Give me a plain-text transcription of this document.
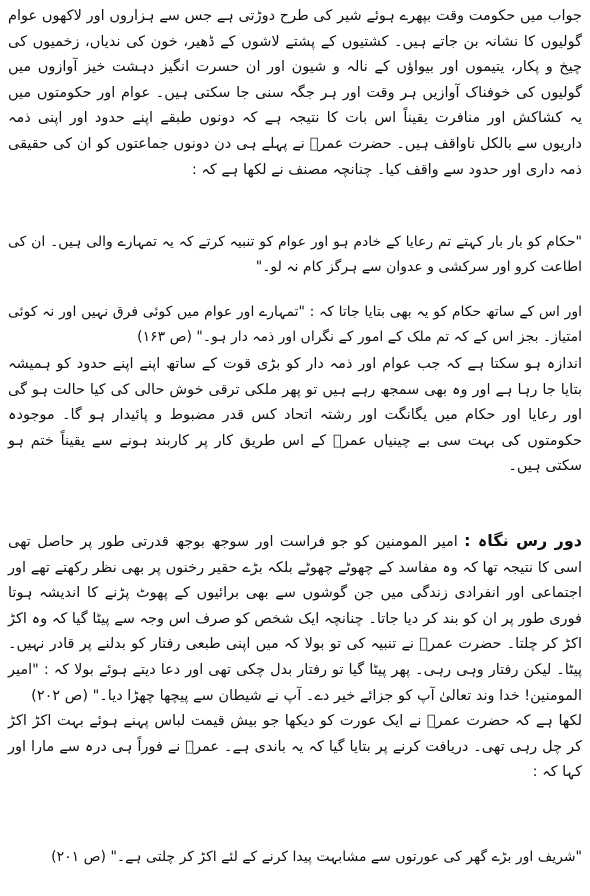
جواب میں حکومت وقت بپھرے ہوئے شیر کی طرح دوڑتی ہے جس سے ہزاروں اور لاکھوں عوام گولیوں کا نشانہ بن جاتے ہیں۔ کشتیوں کے پشتے لاشوں کے ڈھیر، خون کی ندیاں، زخمیوں کی چیخ و پکار، یتیموں اور بیواؤں کے نالہ و شیون اور ان حسرت انگیز دہشت خیز آوازوں میں گولیوں کی خوفناک آوازیں ہر وقت اور ہر جگہ سنی جا سکتی ہیں۔ عوام اور حکومتوں میں یہ کشاکش اور منافرت یقیناً اس بات کا نتیجہ ہے کہ دونوں طبقے اپنے حدود اور اپنی ذمہ داریوں سے بالکل ناواقف ہیں۔ حضرت عمرؓ نے پہلے ہی دن دونوں جماعتوں کو ان کی حقیقی ذمہ داری اور حدود سے واقف کیا۔ چنانچہ مصنف نے لکھا ہے کہ :

"حکام کو بار بار کہتے تم رعایا کے خادم ہو اور عوام کو تنبیہ کرتے کہ یہ تمہارے والی ہیں۔ ان کی اطاعت کرو اور سرکشی و عدوان سے ہرگز کام نہ لو۔"

اور اس کے ساتھ حکام کو یہ بھی بتایا جاتا کہ : "تمہارے اور عوام میں کوئی فرق نہیں اور نہ کوئی امتیاز۔ بجز اس کے کہ تم ملک کے امور کے نگراں اور ذمہ دار ہو۔" (ص ۱۶۳)

اندازہ ہو سکتا ہے کہ جب عوام اور ذمہ دار کو بڑی قوت کے ساتھ اپنے اپنے حدود کو ہمیشہ بتایا جا رہا ہے اور وہ بھی سمجھ رہے ہیں تو پھر ملکی ترقی خوش حالی کی کیا حالت ہو گی اور رعایا اور حکام میں یگانگت اور رشتہ اتحاد کس قدر مضبوط و پائیدار ہو گا۔ موجودہ حکومتوں کی بہت سی بے چینیاں عمرؓ کے اس طریق کار پر کاربند ہونے سے یقیناً ختم ہو سکتی ہیں۔

دور رس نگاہ : امیر المومنین کو جو فراست اور سوجھ بوجھ قدرتی طور پر حاصل تھی اسی کا نتیجہ تھا کہ وہ مفاسد کے چھوٹے چھوٹے بلکہ بڑے حقیر رخنوں پر بھی نظر رکھتے تھے اور اجتماعی اور انفرادی زندگی میں جن گوشوں سے بھی برائیوں کے پھوٹ پڑنے کا اندیشہ ہوتا فوری طور پر ان کو بند کر دیا جاتا۔ چنانچہ ایک شخص کو صرف اس وجہ سے پیٹا گیا کہ وہ اکڑ اکڑ کر چلتا۔ حضرت عمرؓ نے تنبیہ کی تو بولا کہ میں اپنی طبعی رفتار کو بدلنے پر قادر نہیں۔ پیٹا۔ لیکن رفتار وہی رہی۔ پھر پیٹا گیا تو رفتار بدل چکی تھی اور دعا دیتے ہوئے بولا کہ : "امیر المومنین! خدا وند تعالیٰ آپ کو جزائے خیر دے۔ آپ نے شیطان سے پیچھا چھڑا دیا۔" (ص ۲۰۲)

لکھا ہے کہ حضرت عمرؓ نے ایک عورت کو دیکھا جو بیش قیمت لباس پہنے ہوئے بہت اکڑ اکڑ کر چل رہی تھی۔ دریافت کرنے پر بتایا گیا کہ یہ باندی ہے۔ عمرؓ نے فوراً ہی درہ سے مارا اور کہا کہ :

"شریف اور بڑے گھر کی عورتوں سے مشابہت پیدا کرنے کے لئے اکڑ کر چلتی ہے۔" (ص ۲۰۱)
